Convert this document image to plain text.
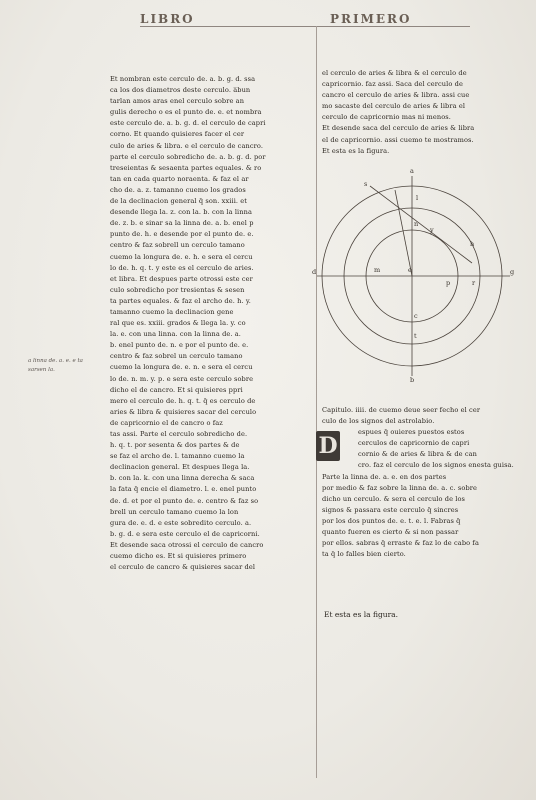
LIBRO	PRIMERO
a linna de. a. e. e ta sarsen la.
Et nombran este cerculo de. a. b. g. d. ssa
ca los dos diametros deste cerculo. a̅bun
tarlan amos aras enel cerculo sobre an
gulis derecho o es el punto de. e. et nombra
este cerculo de. a. b. g. d. el cerculo de capri
corno. Et quando quisieres facer el cer
culo de aries & libra. e el cerculo de cancro.
parte el cerculo sobredicho de. a. b. g. d. por
treseientas & sesaenta partes equales. & ro
tan en cada quarto noraenta. & faz el ar
cho de. a. z. tamanno cuemo los grados
de la declinacion general q̄ son. xxiii. et
desende llega la. z. con la. b. con la linna
de. z. b. e sinar sa la linna de. a. b. enel p
punto de. h. e desende por el punto de. e.
centro & faz sobrell un cerculo tamano
cuemo la longura de. e. h. e sera el cercu
lo de. h. q. t. y este es el cerculo de aries.
et libra. Et despues parte otrossi este cer
culo sobredicho por tresientas & sesen
ta partes equales. & faz el archo de. h. y.
tamanno cuemo la declinacion gene
ral que es. xxiii. grados & llega la. y. co
la. e. con una linna. con la linna de. a.
b. enel punto de. n. e por el punto de. e.
centro & faz sobrel un cerculo tamano
cuemo la longura de. e. n. e sera el cercu
lo de. n. m. y. p. e sera este cerculo sobre
dicho el de cancro. Et si quisieres ppri
mero el cerculo de. h. q. t. q̄ es cerculo de
aries & libra & quisieres sacar del cerculo
de capricornio el de cancro o faz
tas assi. Parte el cerculo sobredicho de.
h. q. t. por sesenta & dos partes & de
se faz el archo de. l. tamanno cuemo la
declinacion general. Et despues llega la.
b. con la. k. con una linna derecha & saca
la fata q̄ encie el diametro. l. e. enel punto
de. d. et por el punto de. e. centro & faz so
brell un cerculo tamano cuemo la lon
gura de. e. d. e este sobredito cerculo. a.
b. g. d. e sera este cerculo el de capricorni.
Et desende saca otrossi el cerculo de cancro
cuemo dicho es. Et si quisieres primero
el cerculo de cancro & quisieres sacar del
el cerculo de aries & libra & el cerculo de
capricornio. faz assi. Saca del cerculo de
cancro el cerculo de aries & libra. assi cue
mo sacaste del cerculo de aries & libra el
cerculo de capricornio mas ni menos.
Et desende saca del cerculo de aries & libra
el de capricornio. assi cuemo te mostramos.
Et esta es la figura.
a
b
d	g
e
m
p
n
c
s
h
l
r
t
y
Capitulo. iiii. de cuemo deue seer fecho el cer
culo de los signos del astrolabio.
espues q̄ ouieres puestos estos
cerculos de capricornio de capri
cornio & de aries & libra & de can
cro. faz el cerculo de los signos enesta guisa.
Parte la linna de. a. e. en dos partes
por medio & faz sobre la linna de. a. c. sobre
dicho un cerculo. & sera el cerculo de los
signos & passara este cerculo q̄ sincres
por los dos puntos de. e. t. e. l. Fabras q̄
quanto fueren es cierto & si non passar
por ellos. sabras q̄ erraste & faz lo de cabo fa
ta q̄ lo falles bien cierto.
D
Et esta es la figura.
